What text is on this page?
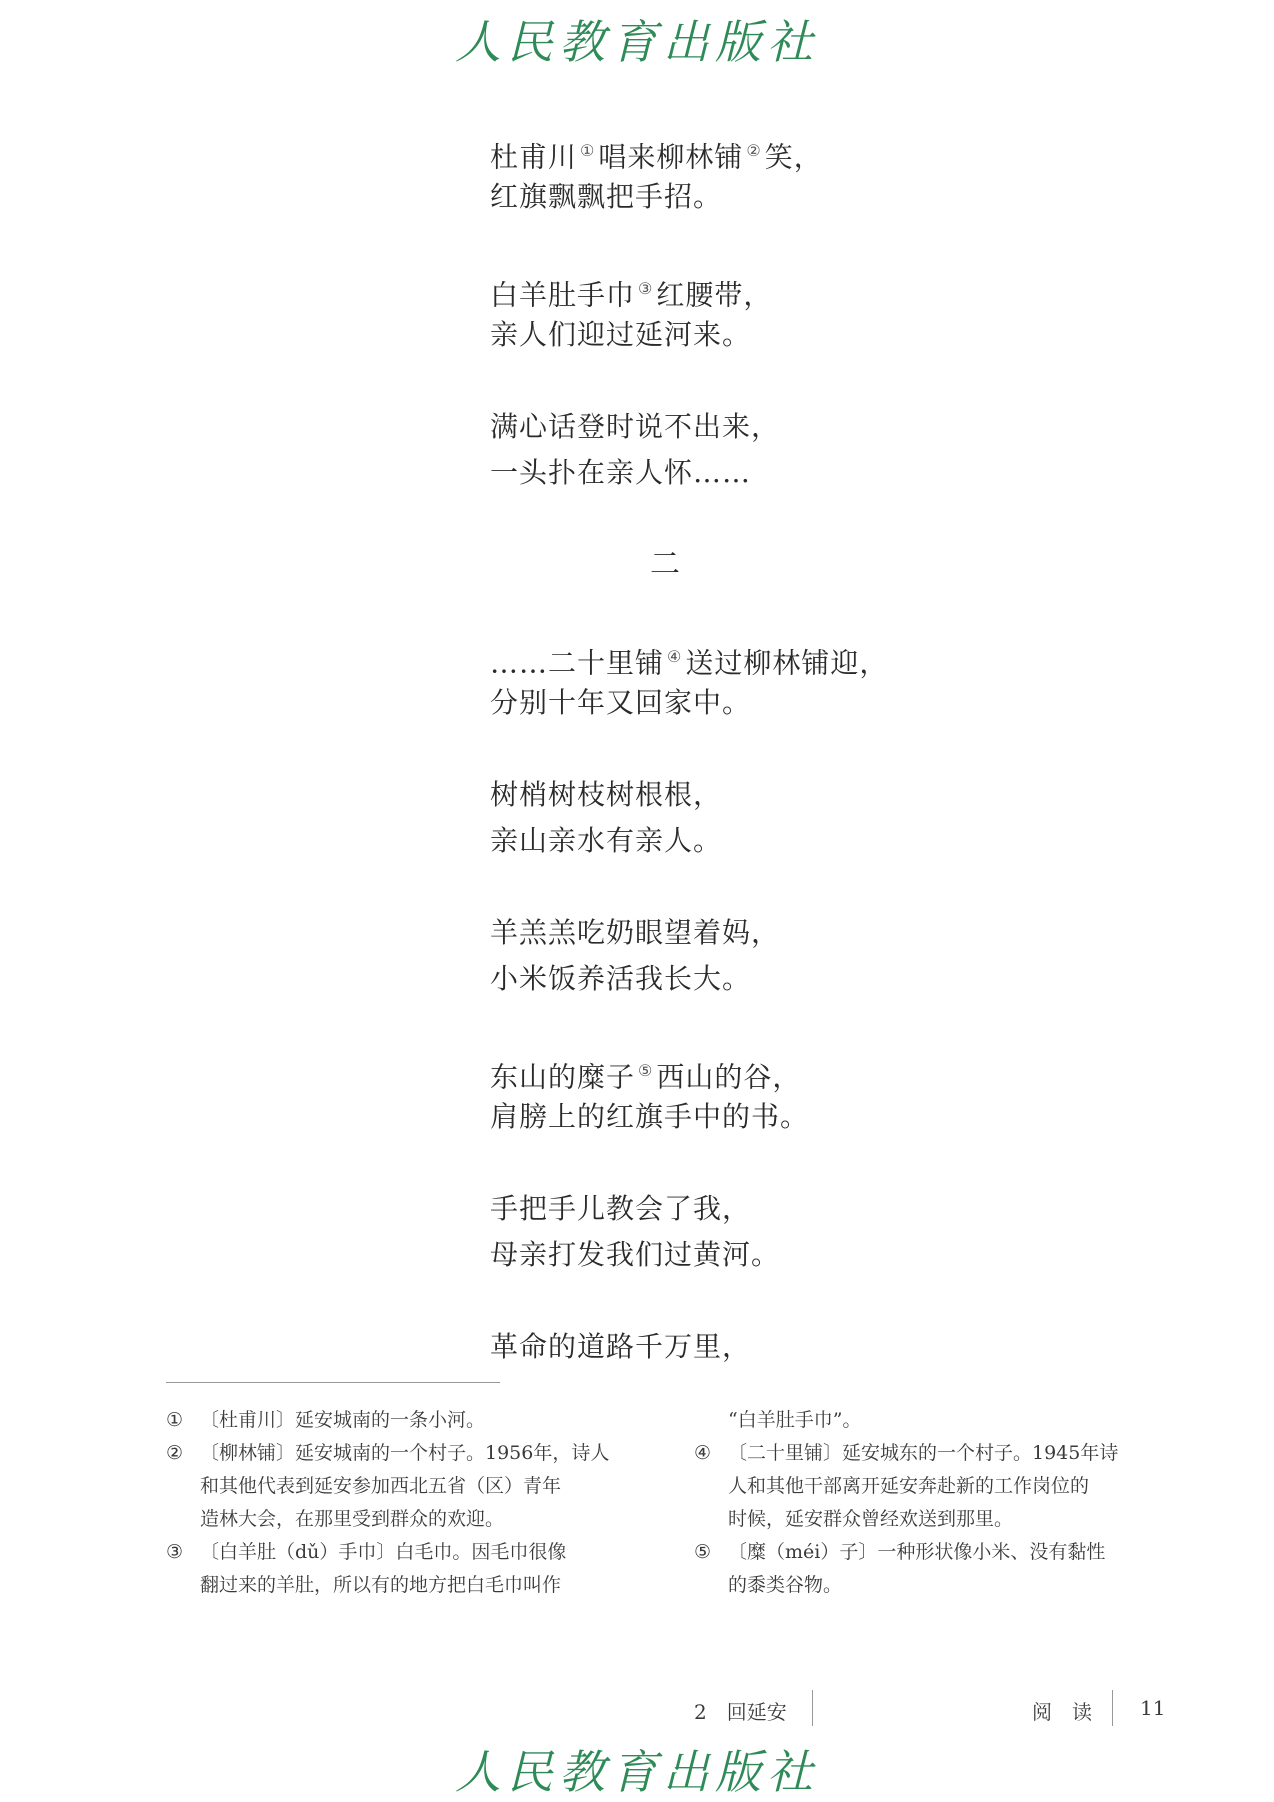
人民教育出版社
杜甫川 ① 唱来柳林铺 ② 笑，
红旗飘飘把手招。
白羊肚手巾 ③ 红腰带，
亲人们迎过延河来。
满心话登时说不出来，
一头扑在亲人怀……
二
……二十里铺 ④ 送过柳林铺迎，
分别十年又回家中。
树梢树枝树根根，
亲山亲水有亲人。
羊羔羔吃奶眼望着妈，
小米饭养活我长大。
东山的糜子 ⑤ 西山的谷，
肩膀上的红旗手中的书。
手把手儿教会了我，
母亲打发我们过黄河。
革命的道路千万里，
① 〔杜甫川〕延安城南的一条小河。
② 〔柳林铺〕延安城南的一个村子。1956年，诗人
和其他代表到延安参加西北五省（区）青年
造林大会，在那里受到群众的欢迎。
③ 〔白羊肚（dǔ）手巾〕白毛巾。因毛巾很像
翻过来的羊肚，所以有的地方把白毛巾叫作
“白羊肚手巾”。
④ 〔二十里铺〕延安城东的一个村子。1945年诗
人和其他干部离开延安奔赴新的工作岗位的
时候，延安群众曾经欢送到那里。
⑤ 〔糜（méi）子〕一种形状像小米、没有黏性
的黍类谷物。
2　回延安	阅　读 11
人民教育出版社
